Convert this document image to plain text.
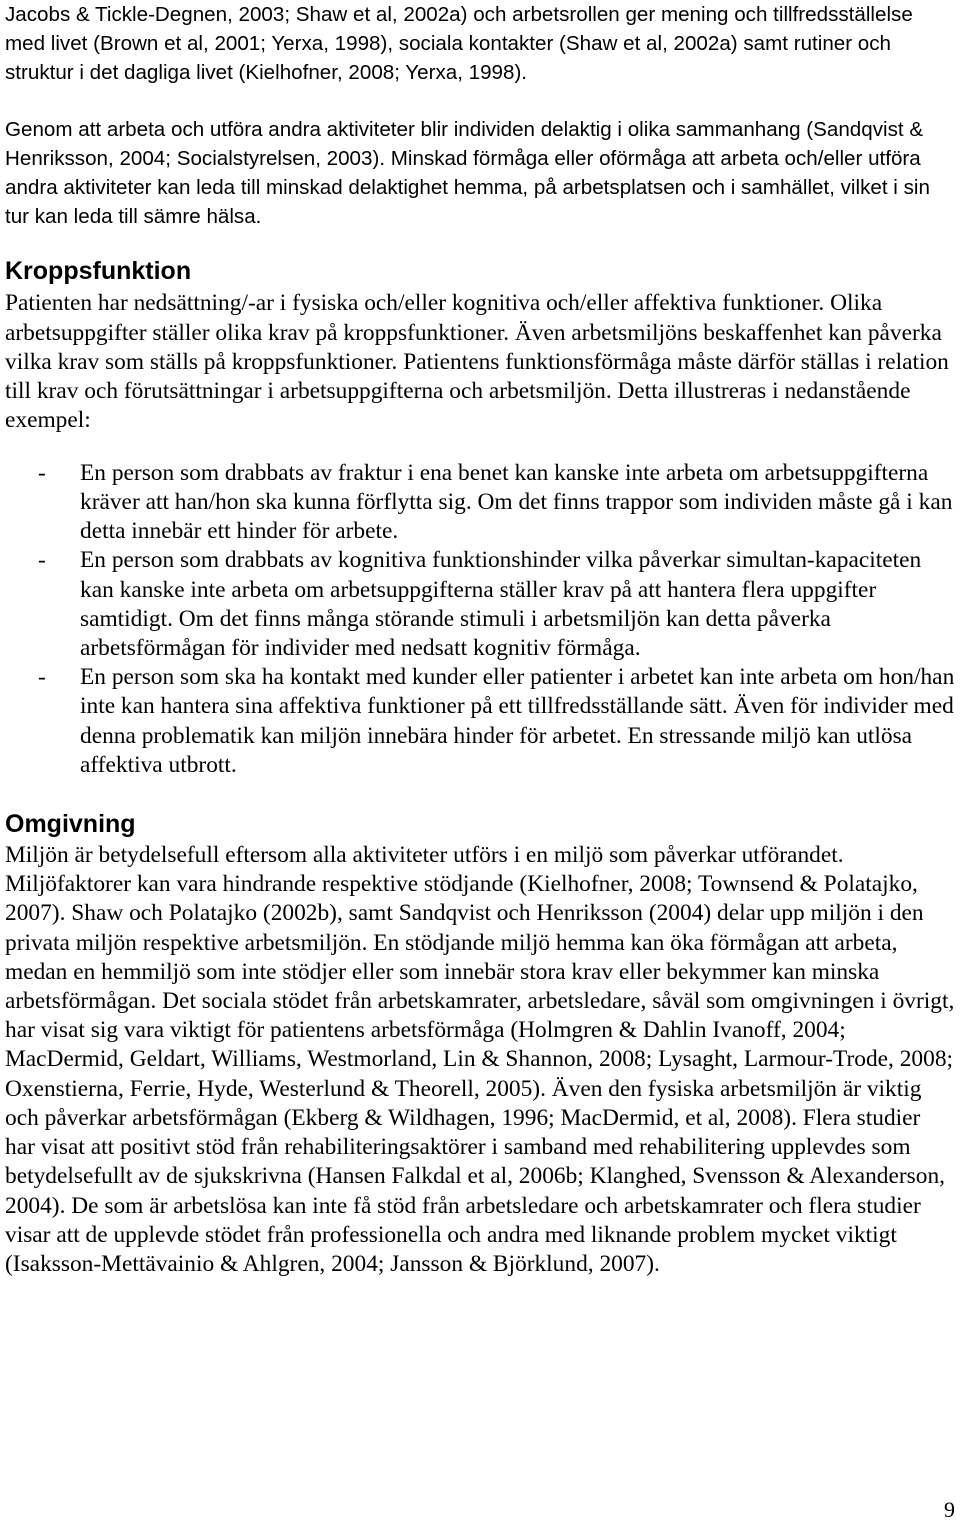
Jacobs & Tickle-Degnen, 2003; Shaw et al, 2002a) och arbetsrollen ger mening och tillfredsställelse med livet (Brown et al, 2001; Yerxa, 1998), sociala kontakter (Shaw et al, 2002a) samt rutiner och struktur i det dagliga livet (Kielhofner, 2008; Yerxa, 1998).

Genom att arbeta och utföra andra aktiviteter blir individen delaktig i olika sammanhang (Sandqvist & Henriksson, 2004; Socialstyrelsen, 2003). Minskad förmåga eller oförmåga att arbeta och/eller utföra andra aktiviteter kan leda till minskad delaktighet hemma, på arbetsplatsen och i samhället, vilket i sin tur kan leda till sämre hälsa.

Kroppsfunktion

Patienten har nedsättning/-ar i fysiska och/eller kognitiva och/eller affektiva funktioner. Olika arbetsuppgifter ställer olika krav på kroppsfunktioner. Även arbetsmiljöns beskaffenhet kan påverka vilka krav som ställs på kroppsfunktioner. Patientens funktionsförmåga måste därför ställas i relation till krav och förutsättningar i arbetsuppgifterna och arbetsmiljön. Detta illustreras i nedanstående exempel:

- En person som drabbats av fraktur i ena benet kan kanske inte arbeta om arbetsuppgifterna kräver att han/hon ska kunna förflytta sig. Om det finns trappor som individen måste gå i kan detta innebär ett hinder för arbete.
- En person som drabbats av kognitiva funktionshinder vilka påverkar simultan-kapaciteten kan kanske inte arbeta om arbetsuppgifterna ställer krav på att hantera flera uppgifter samtidigt. Om det finns många störande stimuli i arbetsmiljön kan detta påverka arbetsförmågan för individer med nedsatt kognitiv förmåga.
- En person som ska ha kontakt med kunder eller patienter i arbetet kan inte arbeta om hon/han inte kan hantera sina affektiva funktioner på ett tillfredsställande sätt. Även för individer med denna problematik kan miljön innebära hinder för arbetet. En stressande miljö kan utlösa affektiva utbrott.
Omgivning

Miljön är betydelsefull eftersom alla aktiviteter utförs i en miljö som påverkar utförandet. Miljöfaktorer kan vara hindrande respektive stödjande (Kielhofner, 2008; Townsend & Polatajko, 2007). Shaw och Polatajko (2002b), samt Sandqvist och Henriksson (2004) delar upp miljön i den privata miljön respektive arbetsmiljön. En stödjande miljö hemma kan öka förmågan att arbeta, medan en hemmiljö som inte stödjer eller som innebär stora krav eller bekymmer kan minska arbetsförmågan. Det sociala stödet från arbetskamrater, arbetsledare, såväl som omgivningen i övrigt, har visat sig vara viktigt för patientens arbetsförmåga (Holmgren & Dahlin Ivanoff, 2004; MacDermid, Geldart, Williams, Westmorland, Lin & Shannon, 2008; Lysaght, Larmour-Trode, 2008; Oxenstierna, Ferrie, Hyde, Westerlund & Theorell, 2005). Även den fysiska arbetsmiljön är viktig och påverkar arbetsförmågan (Ekberg & Wildhagen, 1996; MacDermid, et al, 2008). Flera studier har visat att positivt stöd från rehabiliteringsaktörer i samband med rehabilitering upplevdes som betydelsefullt av de sjukskrivna (Hansen Falkdal et al, 2006b; Klanghed, Svensson & Alexanderson, 2004). De som är arbetslösa kan inte få stöd från arbetsledare och arbetskamrater och flera studier visar att de upplevde stödet från professionella och andra med liknande problem mycket viktigt (Isaksson-Mettävainio & Ahlgren, 2004; Jansson & Björklund, 2007).

9
